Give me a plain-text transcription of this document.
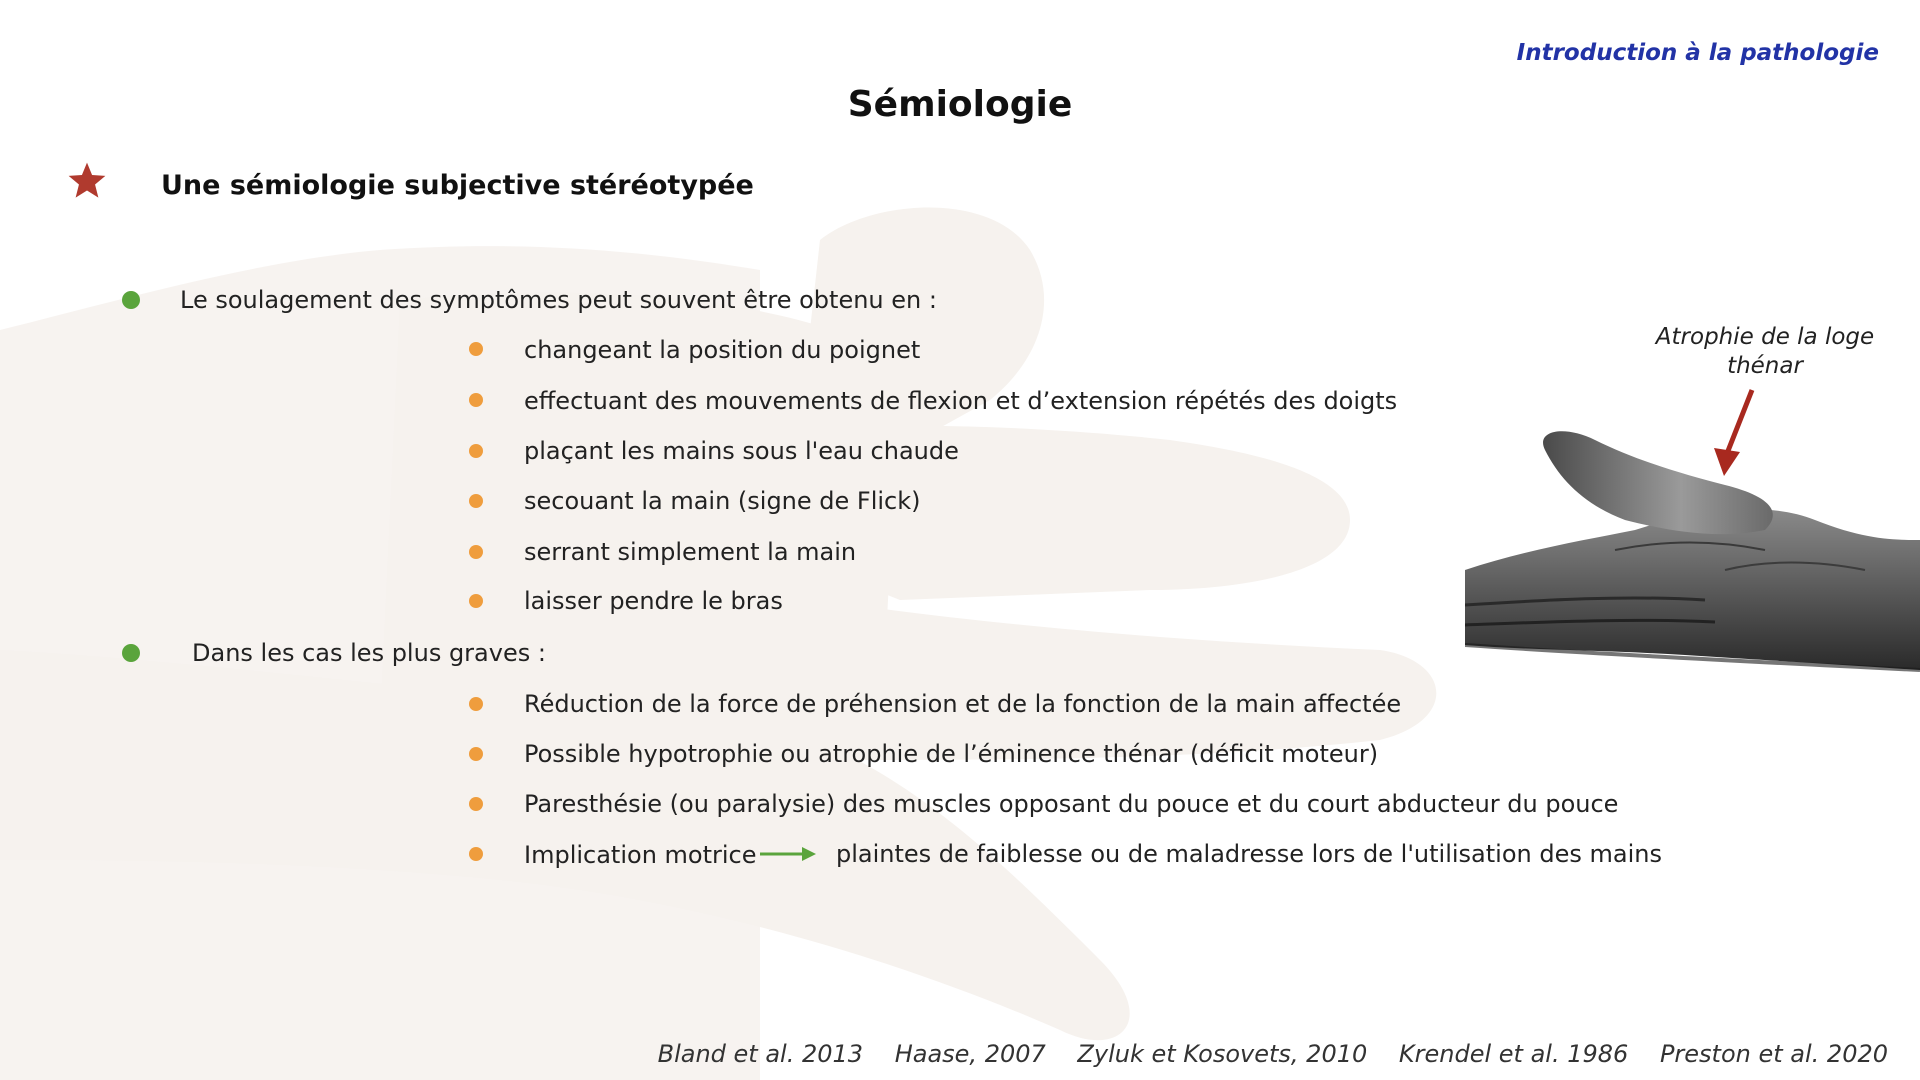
Introduction à la pathologie
Sémiologie
Une sémiologie subjective stéréotypée
Le soulagement des symptômes peut souvent être obtenu en :
changeant la position du poignet
effectuant des mouvements de flexion et d’extension répétés des doigts
plaçant les mains sous l'eau chaude
secouant la main (signe de Flick)
serrant simplement la main
laisser pendre le bras
Dans les cas les plus graves :
Réduction de la force de préhension et de la fonction de la main affectée
Possible hypotrophie ou atrophie de l’éminence thénar (déficit moteur)
Paresthésie (ou paralysie) des muscles opposant du pouce et du court abducteur du pouce
Implication motrice	plaintes de faiblesse ou de maladresse lors de l'utilisation des mains
Atrophie de la loge
thénar
Bland et al. 2013 Haase, 2007 Zyluk et Kosovets, 2010 Krendel et al. 1986 Preston et al. 2020
